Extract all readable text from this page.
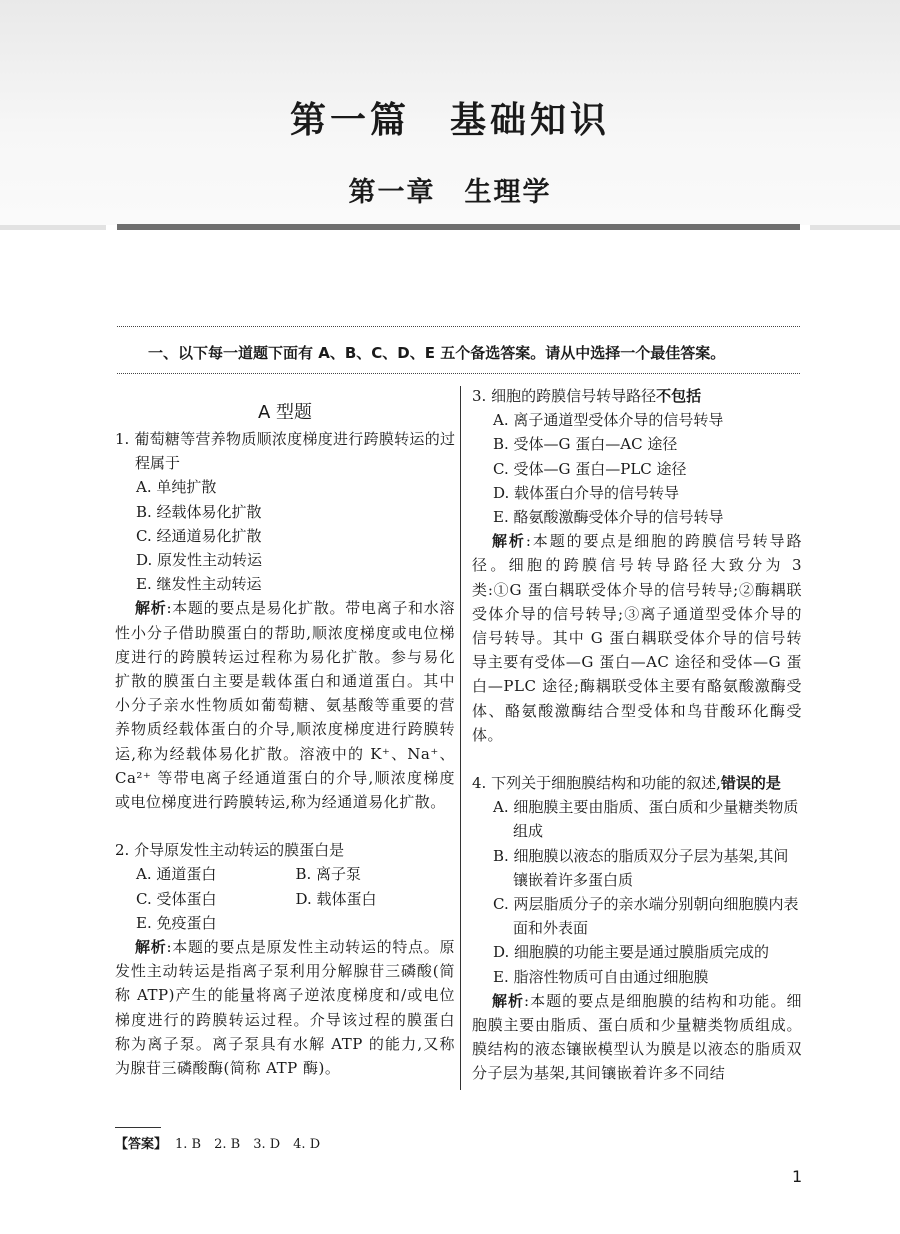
第一篇　基础知识
第一章　生理学
一、以下每一道题下面有 A、B、C、D、E 五个备选答案。请从中选择一个最佳答案。
A 型题
1. 葡萄糖等营养物质顺浓度梯度进行跨膜转运的过程属于
A. 单纯扩散
B. 经载体易化扩散
C. 经通道易化扩散
D. 原发性主动转运
E. 继发性主动转运
解析:本题的要点是易化扩散。带电离子和水溶性小分子借助膜蛋白的帮助,顺浓度梯度或电位梯度进行的跨膜转运过程称为易化扩散。参与易化扩散的膜蛋白主要是载体蛋白和通道蛋白。其中小分子亲水性物质如葡萄糖、氨基酸等重要的营养物质经载体蛋白的介导,顺浓度梯度进行跨膜转运,称为经载体易化扩散。溶液中的 K⁺、Na⁺、Ca²⁺ 等带电离子经通道蛋白的介导,顺浓度梯度或电位梯度进行跨膜转运,称为经通道易化扩散。
2. 介导原发性主动转运的膜蛋白是
A. 通道蛋白	B. 离子泵
C. 受体蛋白	D. 载体蛋白
E. 免疫蛋白
解析:本题的要点是原发性主动转运的特点。原发性主动转运是指离子泵利用分解腺苷三磷酸(简称 ATP)产生的能量将离子逆浓度梯度和/或电位梯度进行的跨膜转运过程。介导该过程的膜蛋白称为离子泵。离子泵具有水解 ATP 的能力,又称为腺苷三磷酸酶(简称 ATP 酶)。
3. 细胞的跨膜信号转导路径不包括
A. 离子通道型受体介导的信号转导
B. 受体—G 蛋白—AC 途径
C. 受体—G 蛋白—PLC 途径
D. 载体蛋白介导的信号转导
E. 酪氨酸激酶受体介导的信号转导
解析:本题的要点是细胞的跨膜信号转导路径。细胞的跨膜信号转导路径大致分为 3 类:①G 蛋白耦联受体介导的信号转导;②酶耦联受体介导的信号转导;③离子通道型受体介导的信号转导。其中 G 蛋白耦联受体介导的信号转导主要有受体—G 蛋白—AC 途径和受体—G 蛋白—PLC 途径;酶耦联受体主要有酪氨酸激酶受体、酪氨酸激酶结合型受体和鸟苷酸环化酶受体。
4. 下列关于细胞膜结构和功能的叙述,错误的是
A. 细胞膜主要由脂质、蛋白质和少量糖类物质组成
B. 细胞膜以液态的脂质双分子层为基架,其间镶嵌着许多蛋白质
C. 两层脂质分子的亲水端分别朝向细胞膜内表面和外表面
D. 细胞膜的功能主要是通过膜脂质完成的
E. 脂溶性物质可自由通过细胞膜
解析:本题的要点是细胞膜的结构和功能。细胞膜主要由脂质、蛋白质和少量糖类物质组成。膜结构的液态镶嵌模型认为膜是以液态的脂质双分子层为基架,其间镶嵌着许多不同结
【答案】 1. B　2. B　3. D　4. D
1
